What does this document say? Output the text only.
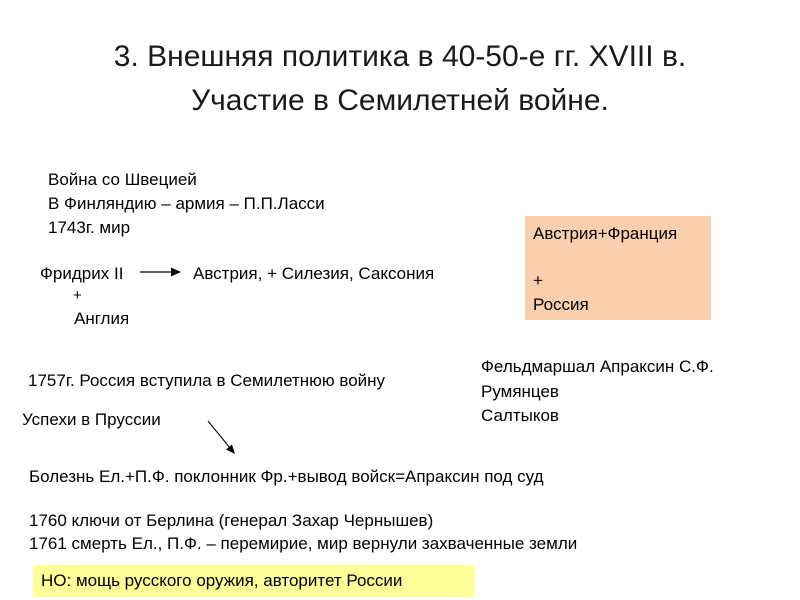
3. Внешняя политика в 40-50-е гг. XVIII в.
Участие в Семилетней войне.
Война со Швецией
В Финляндию – армия – П.П.Ласси
1743г. мир	Австрия+Франция
+
Россия
Фридрих II	Австрия, + Силезия, Саксония
+
Англия
Фельдмаршал Апраксин С.Ф.
Румянцев
Салтыков
1757г. Россия вступила в Семилетнюю войну
Успехи в Пруссии
Болезнь Ел.+П.Ф. поклонник Фр.+вывод войск=Апраксин под суд
1760 ключи от Берлина (генерал Захар Чернышев)
1761 смерть Ел., П.Ф. – перемирие, мир вернули захваченные земли
НО: мощь русского оружия, авторитет России
